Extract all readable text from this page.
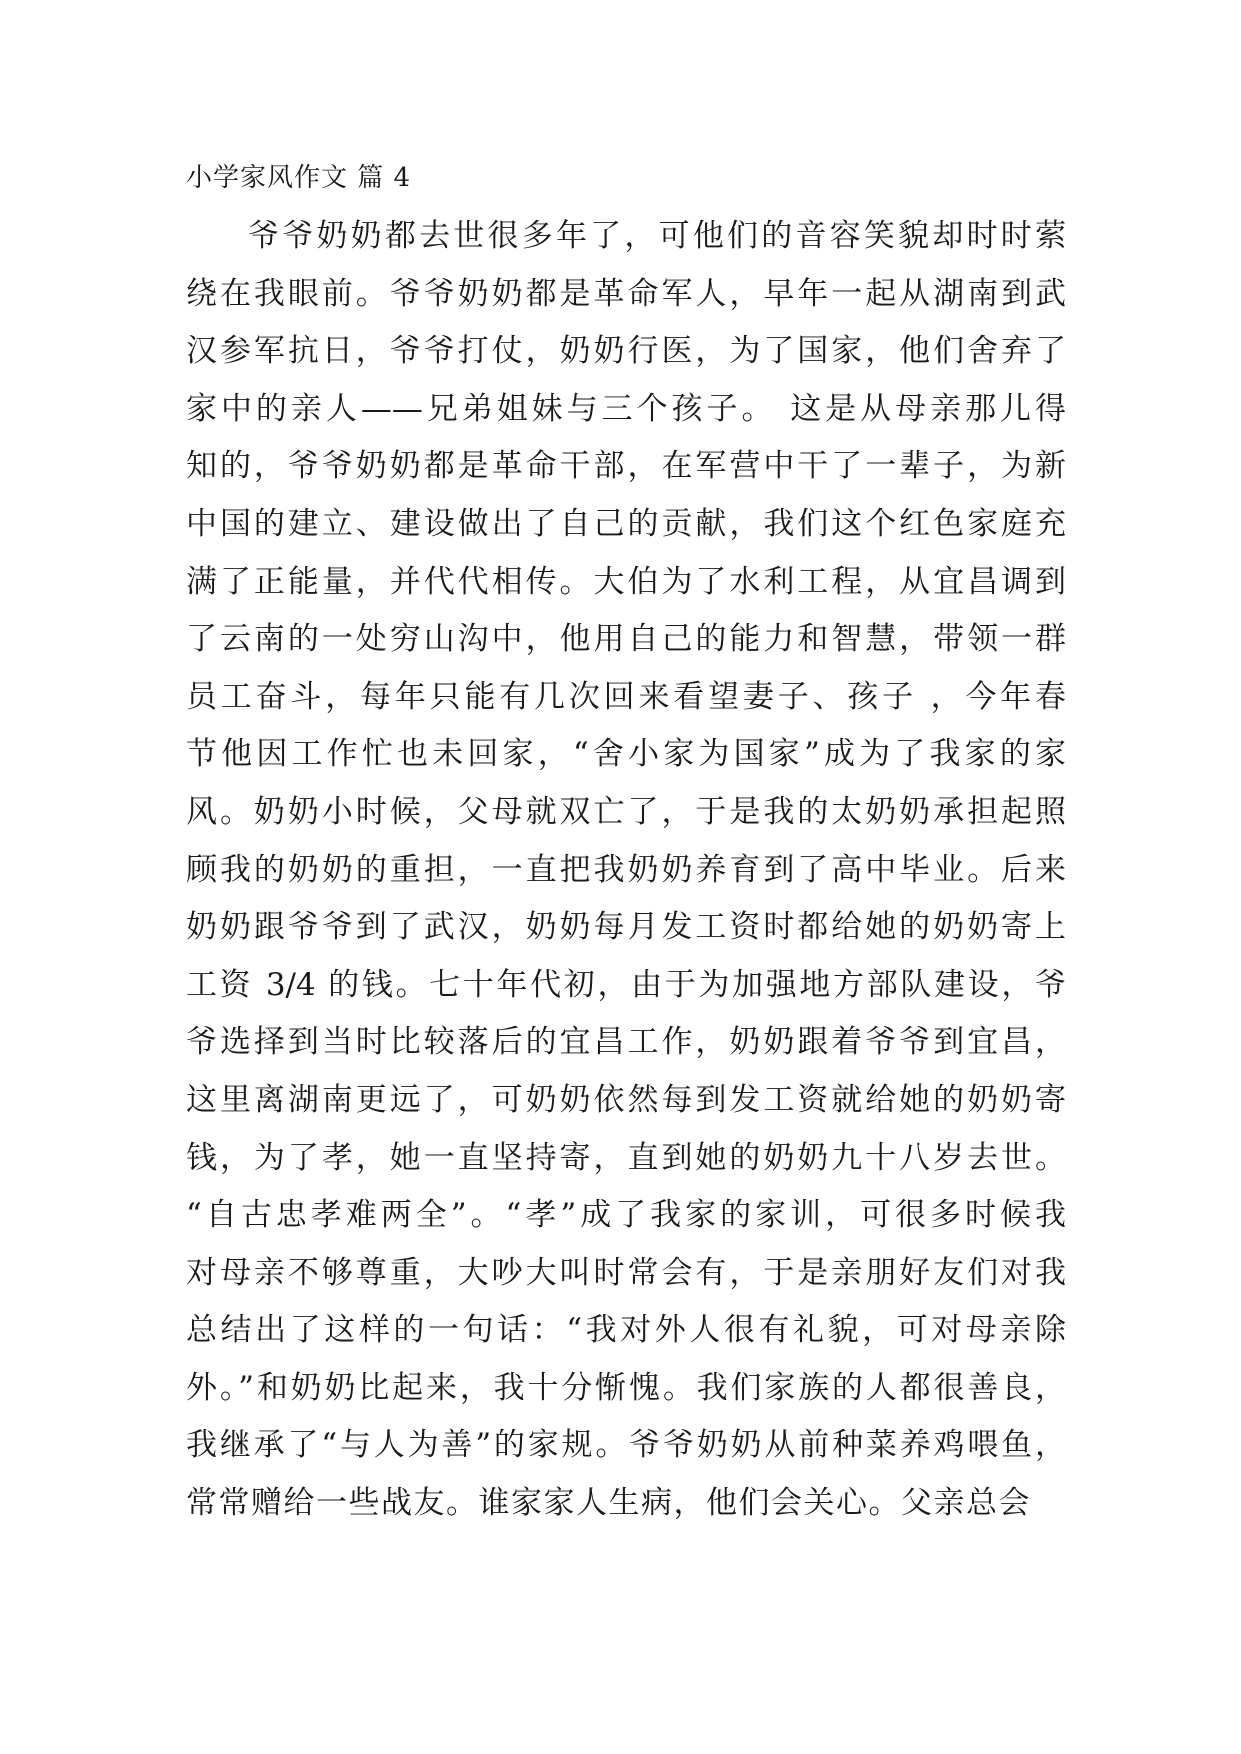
小学家风作文 篇 4
爷爷奶奶都去世很多年了，可他们的音容笑貌却时时萦
绕在我眼前。爷爷奶奶都是革命军人，早年一起从湖南到武
汉参军抗日，爷爷打仗，奶奶行医，为了国家，他们舍弃了
家中的亲人——兄弟姐妹与三个孩子。 这是从母亲那儿得
知的，爷爷奶奶都是革命干部，在军营中干了一辈子，为新
中国的建立、建设做出了自己的贡献，我们这个红色家庭充
满了正能量，并代代相传。大伯为了水利工程，从宜昌调到
了云南的一处穷山沟中，他用自己的能力和智慧，带领一群
员工奋斗，每年只能有几次回来看望妻子、孩子 ，今年春
节他因工作忙也未回家，“舍小家为国家”成为了我家的家
风。奶奶小时候，父母就双亡了，于是我的太奶奶承担起照
顾我的奶奶的重担，一直把我奶奶养育到了高中毕业。后来
奶奶跟爷爷到了武汉，奶奶每月发工资时都给她的奶奶寄上
工资 3/4 的钱。七十年代初，由于为加强地方部队建设，爷
爷选择到当时比较落后的宜昌工作，奶奶跟着爷爷到宜昌，
这里离湖南更远了，可奶奶依然每到发工资就给她的奶奶寄
钱，为了孝，她一直坚持寄，直到她的奶奶九十八岁去世。
“自古忠孝难两全”。“孝”成了我家的家训，可很多时候我
对母亲不够尊重，大吵大叫时常会有，于是亲朋好友们对我
总结出了这样的一句话：“我对外人很有礼貌，可对母亲除
外。”和奶奶比起来，我十分惭愧。我们家族的人都很善良，
我继承了“与人为善”的家规。爷爷奶奶从前种菜养鸡喂鱼，
常常赠给一些战友。谁家家人生病，他们会关心。父亲总会
